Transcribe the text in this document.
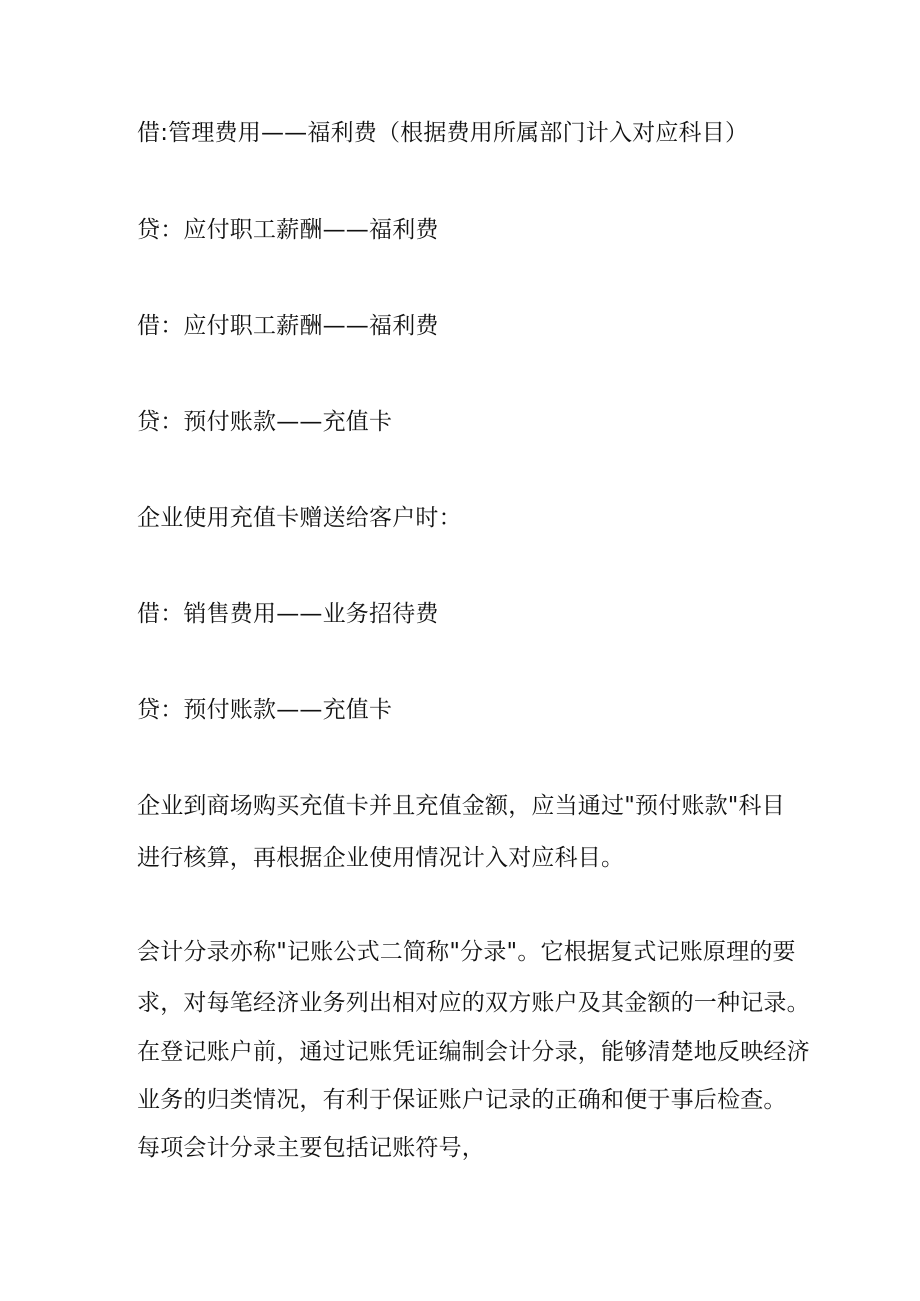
借:管理费用——福利费（根据费用所属部门计入对应科目）
贷：应付职工薪酬——福利费
借：应付职工薪酬——福利费
贷：预付账款——充值卡
企业使用充值卡赠送给客户时：
借：销售费用——业务招待费
贷：预付账款——充值卡
企业到商场购买充值卡并且充值金额，应当通过"预付账款"科目
进行核算，再根据企业使用情况计入对应科目。
会计分录亦称"记账公式二简称"分录"。它根据复式记账原理的要
求，对每笔经济业务列出相对应的双方账户及其金额的一种记录。
在登记账户前，通过记账凭证编制会计分录，能够清楚地反映经济
业务的归类情况，有利于保证账户记录的正确和便于事后检查。
每项会计分录主要包括记账符号，
